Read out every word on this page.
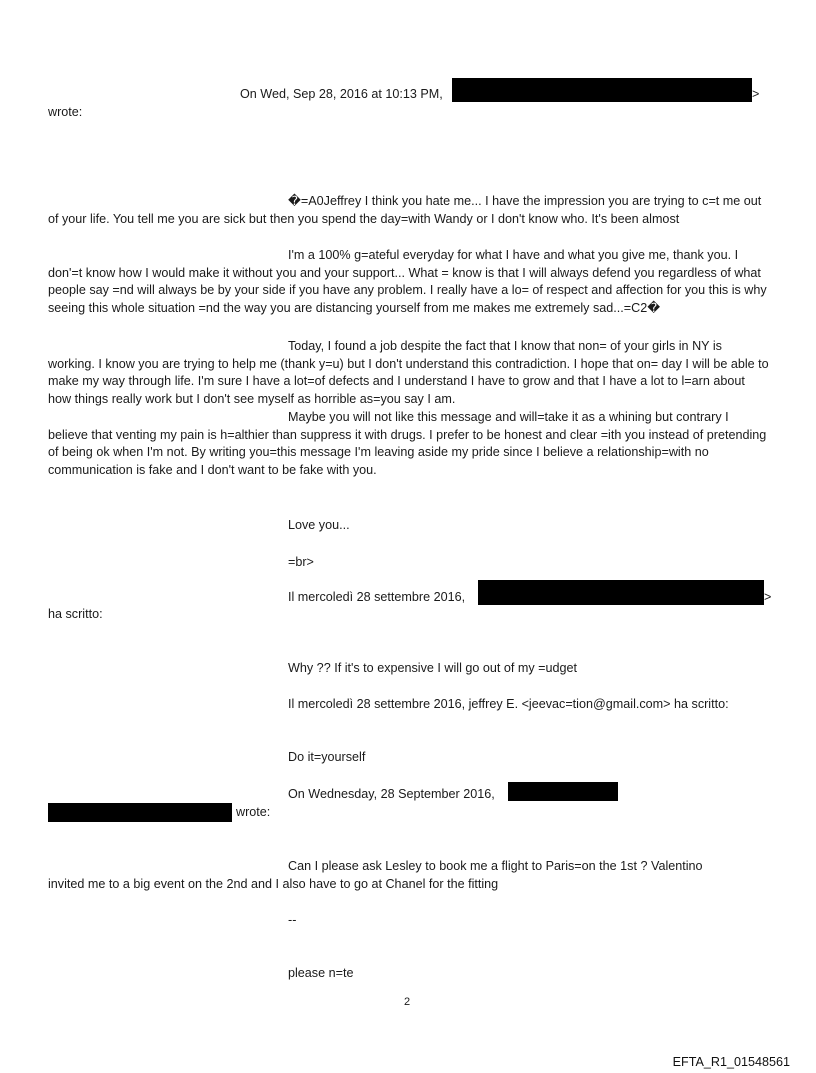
On Wed, Sep 28, 2016 at 10:13 PM,	>
wrote:
�=A0Jeffrey I think you hate me... I have the impression you are trying to c=t me out of your life. You tell me you are sick but then you spend the day=with Wandy or I don't know who. It's been almost
I'm a 100% g=ateful everyday for what I have and what you give me, thank you. I don'=t know how I would make it without you and your support... What = know is that I will always defend you regardless of what people say =nd will always be by your side if you have any problem. I really have a lo= of respect and affection for you this is why seeing this whole situation =nd the way you are distancing yourself from me makes me extremely sad...=C2�
Today, I found a job despite the fact that I know that non= of your girls in NY is working. I know you are trying to help me (thank y=u) but I don't understand this contradiction. I hope that on= day I will be able to make my way through life. I'm sure I have a lot=of defects and I understand I have to grow and that I have a lot to l=arn about how things really work but I don't see myself as horrible as=you say I am.
Maybe you will not like this message and will=take it as a whining but contrary I believe that venting my pain is h=althier than suppress it with drugs. I prefer to be honest and clear =ith you instead of pretending of being ok when I'm not. By writing you=this message I'm leaving aside my pride since I believe a relationship=with no communication is fake and I don't want to be fake with you.
Love you...
=br>
Il mercoledì 28 settembre 2016,	>
ha scritto:
Why ?? If it's to expensive I will go out of my =udget
Il mercoledì 28 settembre 2016, jeffrey E. <jeevac=tion@gmail.com> ha scritto:
Do it=yourself
On Wednesday, 28 September 2016,
wrote:
Can I please ask Lesley to book me a flight to Paris=on the 1st ? Valentino
invited me to a big event on the 2nd and I also have to go at Chanel for the fitting
--
please n=te
2
EFTA_R1_01548561
